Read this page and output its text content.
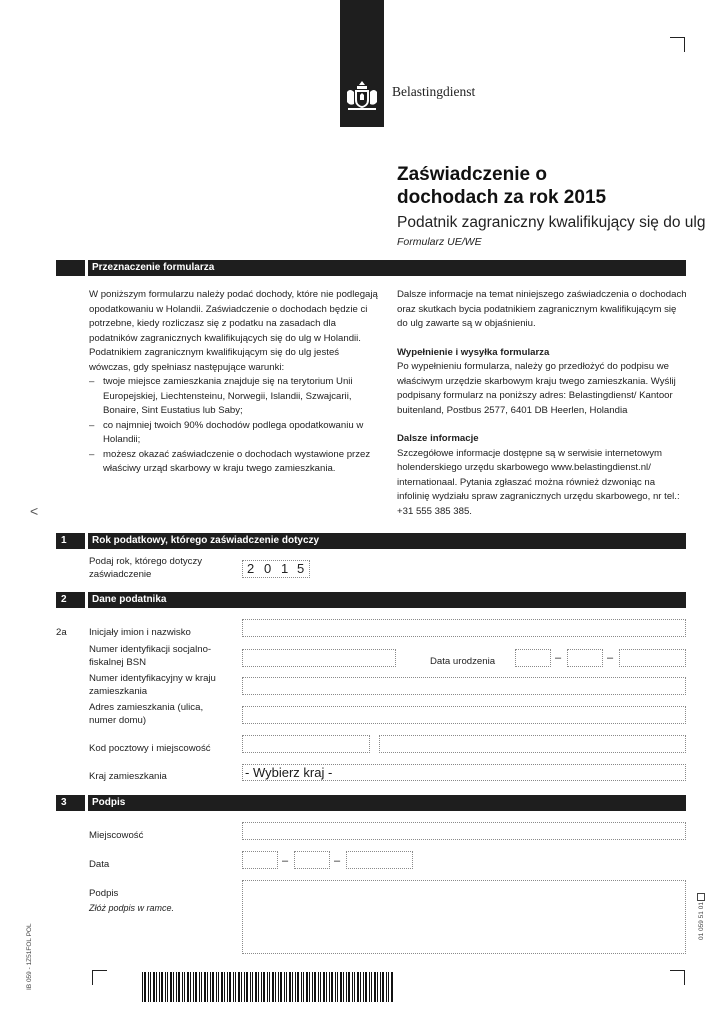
Belastingdienst
Zaświadczenie o
dochodach za rok 2015
Podatnik zagraniczny kwalifikujący się do ulg
Formularz UE/WE
Przeznaczenie formularza

W poniższym formularzu należy podać dochody, które nie podlegają opodatkowaniu w Holandii. Zaświadczenie o dochodach będzie ci potrzebne, kiedy rozliczasz się z podatku na zasadach dla podatników zagranicznych kwalifikujących się do ulg w Holandii. Podatnikiem zagranicznym kwalifikującym się do ulg jesteś wówczas, gdy spełniasz następujące warunki:

– twoje miejsce zamieszkania znajduje się na terytorium Unii Europejskiej, Liechtensteinu, Norwegii, Islandii, Szwajcarii, Bonaire, Sint Eustatius lub Saby;
– co najmniej twoich 90% dochodów podlega opodatkowaniu w Holandii;
– możesz okazać zaświadczenie o dochodach wystawione przez właściwy urząd skarbowy w kraju twego zamieszkania.

Dalsze informacje na temat niniejszego zaświadczenia o dochodach oraz skutkach bycia podatnikiem zagranicznym kwalifikującym się do ulg zawarte są w objaśnieniu.

Wypełnienie i wysyłka formularza

Po wypełnieniu formularza, należy go przedłożyć do podpisu we właściwym urzędzie skarbowym kraju twego zamieszkania. Wyślij podpisany formularz na poniższy adres: Belastingdienst/ Kantoor buitenland, Postbus 2577, 6401 DB Heerlen, Holandia

Dalsze informacje

Szczegółowe informacje dostępne są w serwisie internetowym holenderskiego urzędu skarbowego www.belastingdienst.nl/ internationaal. Pytania zgłaszać można również dzwoniąc na infolinię wydziału spraw zagranicznych urzędu skarbowego, nr tel.: +31 555 385 385.

<
1	Rok podatkowy, którego zaświadczenie dotyczy
Podaj rok, którego dotyczy zaświadczenie	2 0 1 5
2	Dane podatnika
2a Inicjały imion i nazwisko
Numer identyfikacji socjalno-fiskalnej BSN	Data urodzenia	–	–
Numer identyfikacyjny w kraju zamieszkania
Adres zamieszkania (ulica, numer domu)
Kod pocztowy i miejscowość
Kraj zamieszkania	- Wybierz kraj -
3	Podpis
Miejscowość
Data	–	–
Podpis
Złóż podpis w ramce.
IB 059 - 1Z51FOL POL
01 059 51 01
